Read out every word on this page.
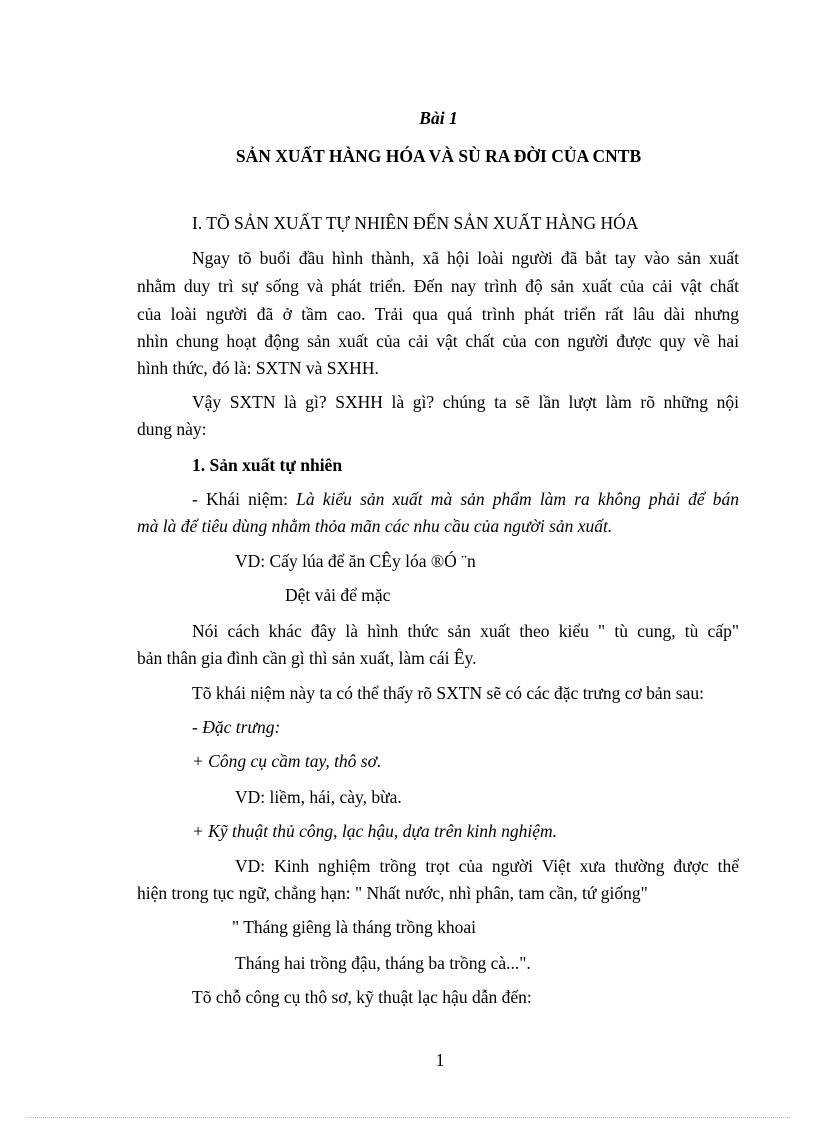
Bài 1
SẢN XUẤT HÀNG HÓA VÀ SÙ RA ĐỜI CỦA CNTB
I. TÕ SẢN XUẤT TỰ NHIÊN ĐẾN SẢN XUẤT HÀNG HÓA
Ngay tõ buổi đầu hình thành, xã hội loài người đã bắt tay vào sản xuất
nhằm duy trì sự sống và phát triển. Đến nay trình độ sản xuất của cải vật chất
của loài người đã ở tầm cao. Trải qua quá trình phát triển rất lâu dài nhưng
nhìn chung hoạt động sản xuất của cải vật chất của con người được quy về hai
hình thức, đó là: SXTN và SXHH.
Vậy SXTN là gì? SXHH là gì? chúng ta sẽ lần lượt làm rõ những nội
dung này:
1. Sản xuất tự nhiên
- Khái niệm: Là kiểu sản xuất mà sản phẩm làm ra không phải để bán
mà là để tiêu dùng nhằm thỏa mãn các nhu cầu của người sản xuất.
VD: Cấy lúa để ăn CÊy lóa ®Ó ¨n
Dệt vải để mặc
Nói cách khác đây là hình thức sản xuất theo kiểu " tù cung, tù cấp"
bản thân gia đình cần gì thì sản xuất, làm cái Êy.
Tõ khái niệm này ta có thể thấy rõ SXTN sẽ có các đặc trưng cơ bản sau:
- Đặc trưng:
+ Công cụ cầm tay, thô sơ.
VD: liềm, hái, cày, bừa.
+ Kỹ thuật thủ công, lạc hậu, dựa trên kinh nghiệm.
VD: Kinh nghiệm trồng trọt của người Việt xưa thường được thể
hiện trong tục ngữ, chẳng hạn: " Nhất nước, nhì phân, tam cần, tứ giống"
" Tháng giêng là tháng trồng khoai
Tháng hai trồng đậu, tháng ba trồng cà...".
Tõ chỗ công cụ thô sơ, kỹ thuật lạc hậu dẫn đến:
1
